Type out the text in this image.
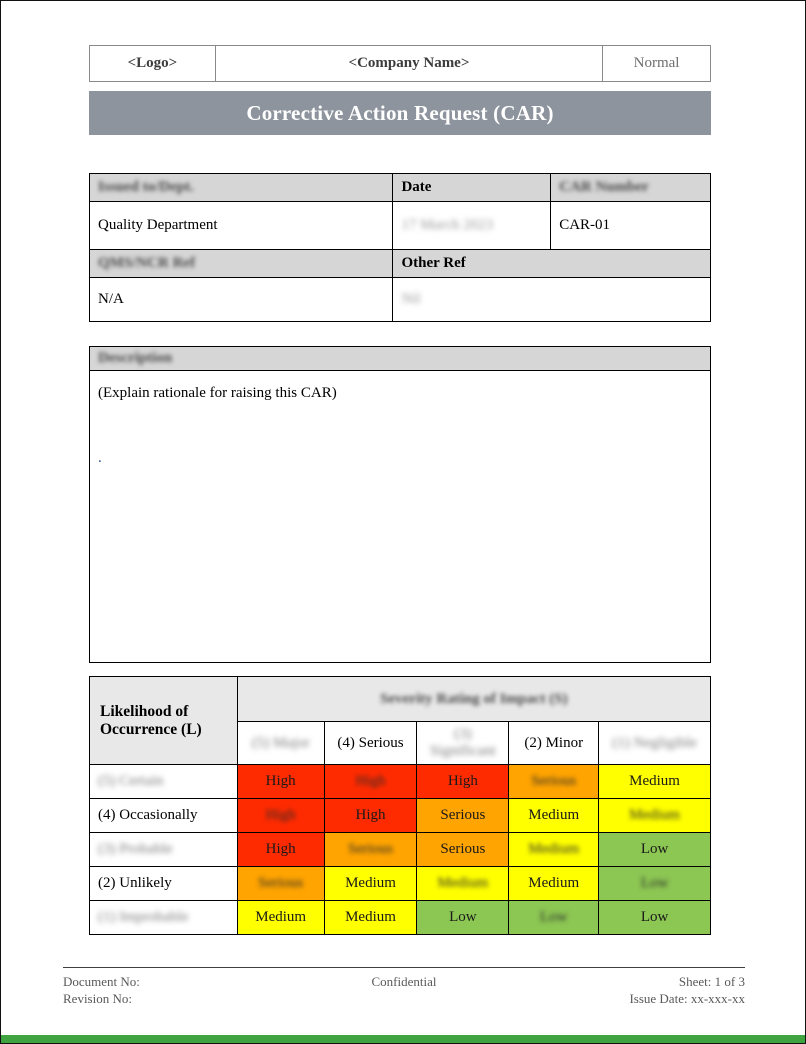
<Logo>	<Company Name>	Normal
Corrective Action Request (CAR)
Issued to/Dept.	Date	CAR Number
Quality Department	17 March 2023	CAR-01
QMS/NCR Ref	Other Ref	
N/A	Nil	
Description
(Explain rationale for raising this CAR)
.
Likelihood of Occurrence (L)	Severity Rating of Impact (S)				
	(5) Major	(4) Serious	(3) Significant	(2) Minor	(1) Negligible
(5) Certain	High	High	High	Serious	Medium
(4) Occasionally	High	High	Serious	Medium	Medium
(3) Probable	High	Serious	Serious	Medium	Low
(2) Unlikely	Serious	Medium	Medium	Medium	Low
(1) Improbable	Medium	Medium	Low	Low	Low
Document No:
Revision No:
Confidential	Sheet: 1 of 3
Issue Date: xx-xxx-xx
